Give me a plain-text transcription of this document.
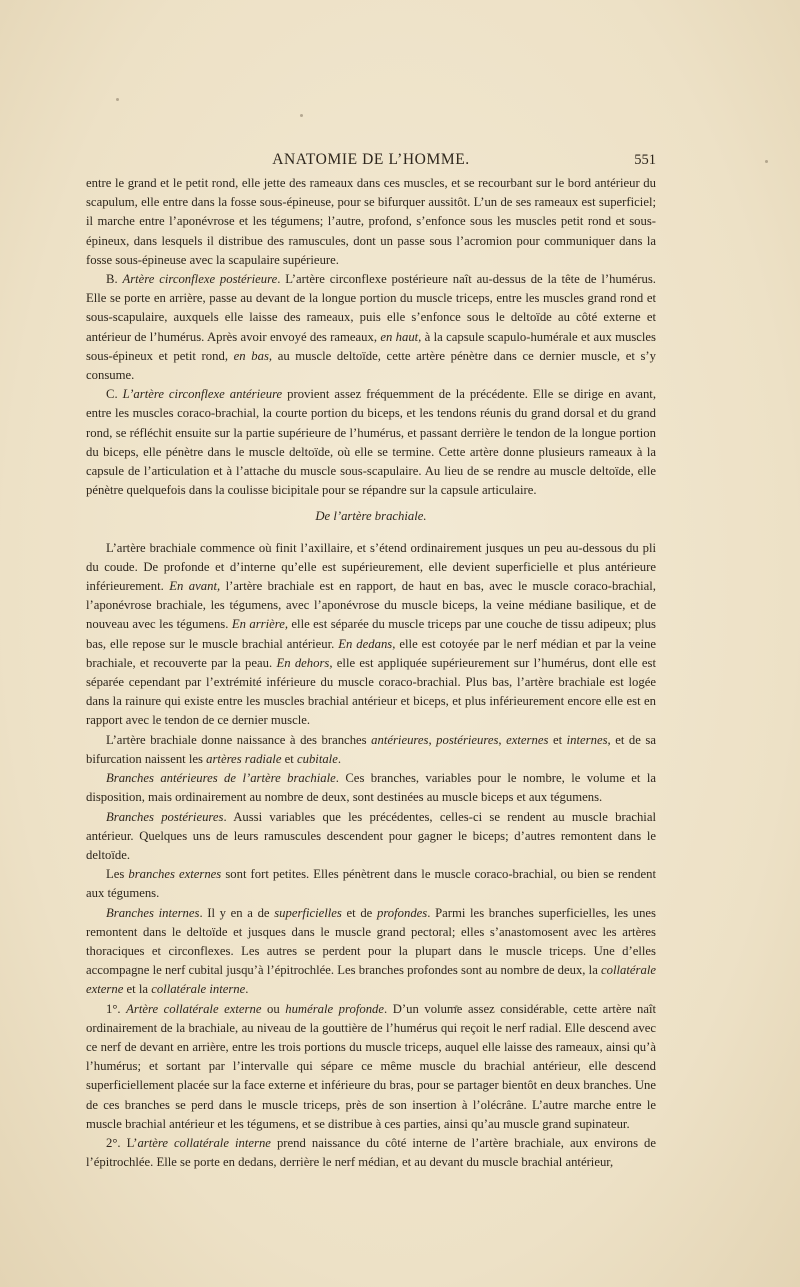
ANATOMIE DE L’HOMME.	551

entre le grand et le petit rond, elle jette des rameaux dans ces muscles, et se recourbant sur le bord antérieur du scapulum, elle entre dans la fosse sous-épineuse, pour se bifurquer aussitôt. L’un de ses rameaux est superficiel; il marche entre l’aponévrose et les tégumens; l’autre, profond, s’enfonce sous les muscles petit rond et sous-épineux, dans lesquels il distribue des ramuscules, dont un passe sous l’acromion pour communiquer dans la fosse sous-épineuse avec la scapulaire supérieure.

B. Artère circonflexe postérieure. L’artère circonflexe postérieure naît au-dessus de la tête de l’humérus. Elle se porte en arrière, passe au devant de la longue portion du muscle triceps, entre les muscles grand rond et sous-scapulaire, auxquels elle laisse des rameaux, puis elle s’enfonce sous le deltoïde au côté externe et antérieur de l’humérus. Après avoir envoyé des rameaux, en haut, à la capsule scapulo-humérale et aux muscles sous-épineux et petit rond, en bas, au muscle deltoïde, cette artère pénètre dans ce dernier muscle, et s’y consume.

C. L’artère circonflexe antérieure provient assez fréquemment de la précédente. Elle se dirige en avant, entre les muscles coraco-brachial, la courte portion du biceps, et les tendons réunis du grand dorsal et du grand rond, se réfléchit ensuite sur la partie supérieure de l’humérus, et passant derrière le tendon de la longue portion du biceps, elle pénètre dans le muscle deltoïde, où elle se termine. Cette artère donne plusieurs rameaux à la capsule de l’articulation et à l’attache du muscle sous-scapulaire. Au lieu de se rendre au muscle deltoïde, elle pénètre quelquefois dans la coulisse bicipitale pour se répandre sur la capsule articulaire.

De l’artère brachiale.

L’artère brachiale commence où finit l’axillaire, et s’étend ordinairement jusques un peu au-dessous du pli du coude. De profonde et d’interne qu’elle est supérieurement, elle devient superficielle et plus antérieure inférieurement. En avant, l’artère brachiale est en rapport, de haut en bas, avec le muscle coraco-brachial, l’aponévrose brachiale, les tégumens, avec l’aponévrose du muscle biceps, la veine médiane basilique, et de nouveau avec les tégumens. En arrière, elle est séparée du muscle triceps par une couche de tissu adipeux; plus bas, elle repose sur le muscle brachial antérieur. En dedans, elle est cotoyée par le nerf médian et par la veine brachiale, et recouverte par la peau. En dehors, elle est appliquée supérieurement sur l’humérus, dont elle est séparée cependant par l’extrémité inférieure du muscle coraco-brachial. Plus bas, l’artère brachiale est logée dans la rainure qui existe entre les muscles brachial antérieur et biceps, et plus inférieurement encore elle est en rapport avec le tendon de ce dernier muscle.

L’artère brachiale donne naissance à des branches antérieures, postérieures, externes et internes, et de sa bifurcation naissent les artères radiale et cubitale.

Branches antérieures de l’artère brachiale. Ces branches, variables pour le nombre, le volume et la disposition, mais ordinairement au nombre de deux, sont destinées au muscle biceps et aux tégumens.

Branches postérieures. Aussi variables que les précédentes, celles-ci se rendent au muscle brachial antérieur. Quelques uns de leurs ramuscules descendent pour gagner le biceps; d’autres remontent dans le deltoïde.

Les branches externes sont fort petites. Elles pénètrent dans le muscle coraco-brachial, ou bien se rendent aux tégumens.

Branches internes. Il y en a de superficielles et de profondes. Parmi les branches superficielles, les unes remontent dans le deltoïde et jusques dans le muscle grand pectoral; elles s’anastomosent avec les artères thoraciques et circonflexes. Les autres se perdent pour la plupart dans le muscle triceps. Une d’elles accompagne le nerf cubital jusqu’à l’épitrochlée. Les branches profondes sont au nombre de deux, la collatérale externe et la collatérale interne.

1°. Artère collatérale externe ou humérale profonde. D’un volume assez considérable, cette artère naît ordinairement de la brachiale, au niveau de la gouttière de l’humérus qui reçoit le nerf radial. Elle descend avec ce nerf de devant en arrière, entre les trois portions du muscle triceps, auquel elle laisse des rameaux, ainsi qu’à l’humérus; et sortant par l’intervalle qui sépare ce même muscle du brachial antérieur, elle descend superficiellement placée sur la face externe et inférieure du bras, pour se partager bientôt en deux branches. Une de ces branches se perd dans le muscle triceps, près de son insertion à l’olécrâne. L’autre marche entre le muscle brachial antérieur et les tégumens, et se distribue à ces parties, ainsi qu’au muscle grand supinateur.

2°. L’artère collatérale interne prend naissance du côté interne de l’artère brachiale, aux environs de l’épitrochlée. Elle se porte en dedans, derrière le nerf médian, et au devant du muscle brachial antérieur,
